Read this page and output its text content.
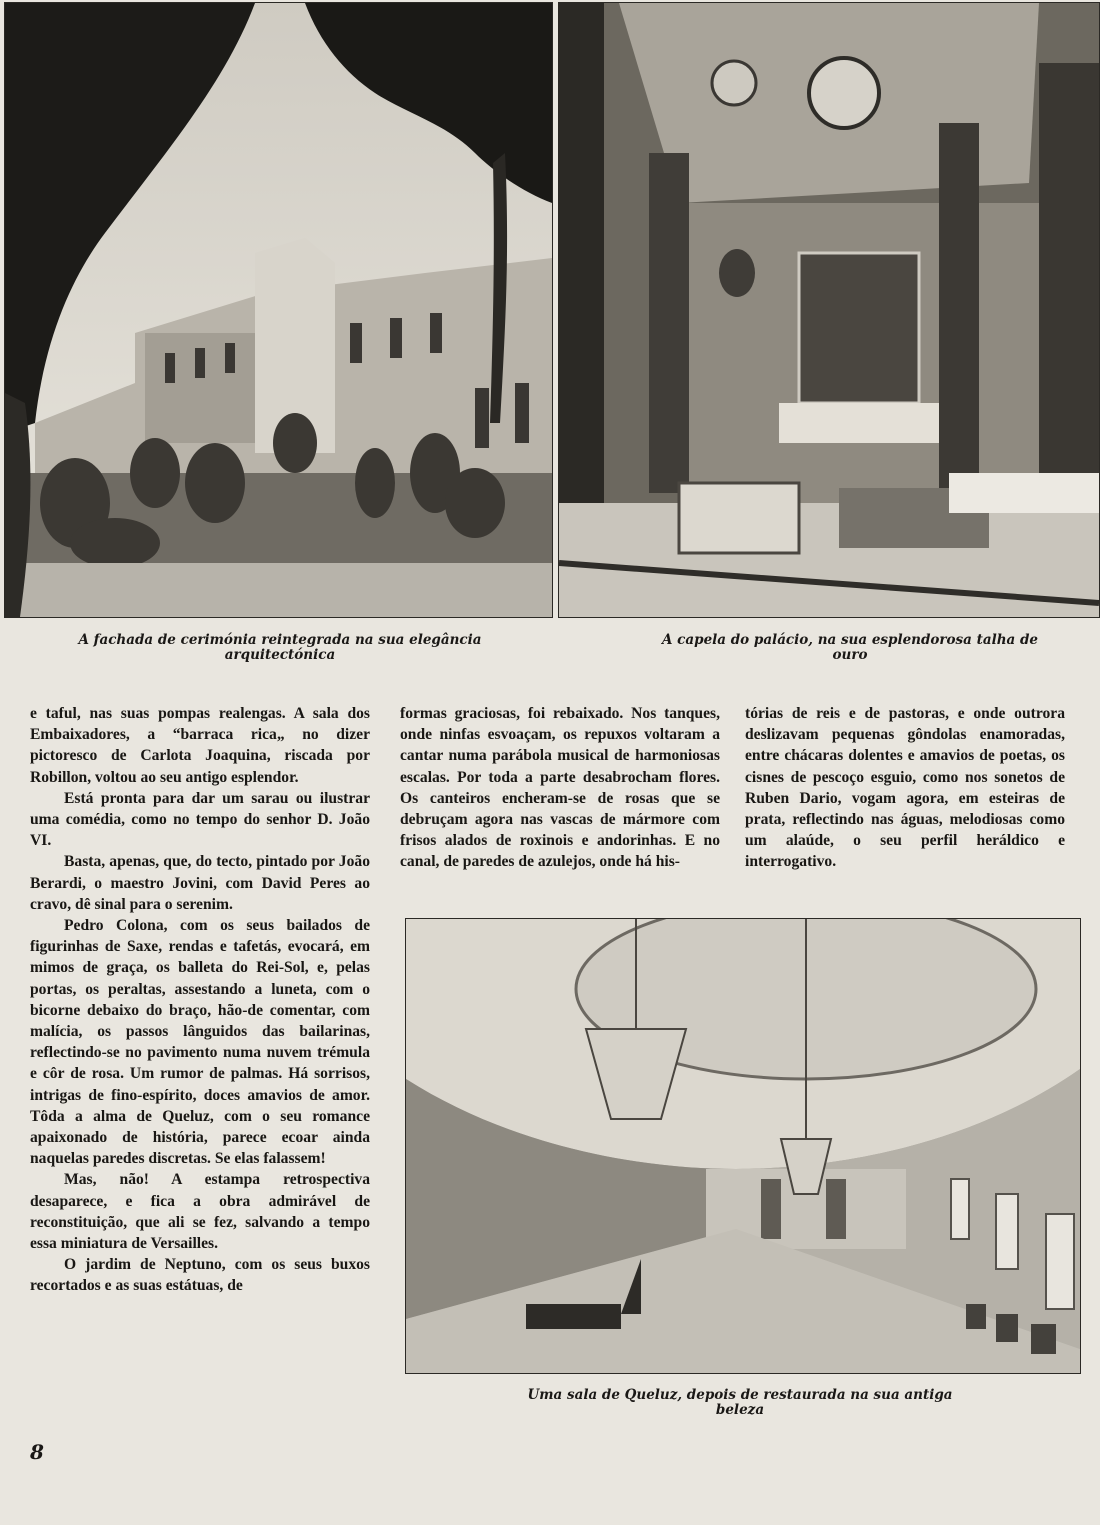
A fachada de cerimónia reintegrada na sua elegância arquitectónica
A capela do palácio, na sua esplendorosa talha de ouro

e taful, nas suas pompas realengas. A sala dos Embaixadores, a “barraca rica„ no dizer pictoresco de Carlota Joaquina, riscada por Robillon, voltou ao seu antigo esplendor.

Está pronta para dar um sarau ou ilustrar uma comédia, como no tempo do senhor D. João VI.

Basta, apenas, que, do tecto, pintado por João Berardi, o maestro Jovini, com David Peres ao cravo, dê sinal para o serenim.

Pedro Colona, com os seus bailados de figurinhas de Saxe, rendas e tafetás, evocará, em mimos de graça, os balleta do Rei-Sol, e, pelas portas, os peraltas, assestando a luneta, com o bicorne debaixo do braço, hão-de comentar, com malícia, os passos lânguidos das bailarinas, reflectindo-se no pavimento numa nuvem trémula e côr de rosa. Um rumor de palmas. Há sorrisos, intrigas de fino-espírito, doces amavios de amor. Tôda a alma de Queluz, com o seu romance apaixonado de história, parece ecoar ainda naquelas paredes discretas. Se elas falassem!

Mas, não! A estampa retrospectiva desaparece, e fica a obra admirável de reconstituição, que ali se fez, salvando a tempo essa miniatura de Versailles.

O jardim de Neptuno, com os seus buxos recortados e as suas estátuas, de

formas graciosas, foi rebaixado. Nos tanques, onde ninfas esvoaçam, os repuxos voltaram a cantar numa parábola musical de harmoniosas escalas. Por toda a parte desabrocham flores. Os canteiros encheram-se de rosas que se debruçam agora nas vascas de mármore com frisos alados de roxinois e andorinhas. E no canal, de paredes de azulejos, onde há his-

tórias de reis e de pastoras, e onde outrora deslizavam pequenas gôndolas enamoradas, entre chácaras dolentes e amavios de poetas, os cisnes de pescoço esguio, como nos sonetos de Ruben Dario, vogam agora, em esteiras de prata, reflectindo nas águas, melodiosas como um alaúde, o seu perfil heráldico e interrogativo.

Uma sala de Queluz, depois de restaurada na sua antiga beleza
8
